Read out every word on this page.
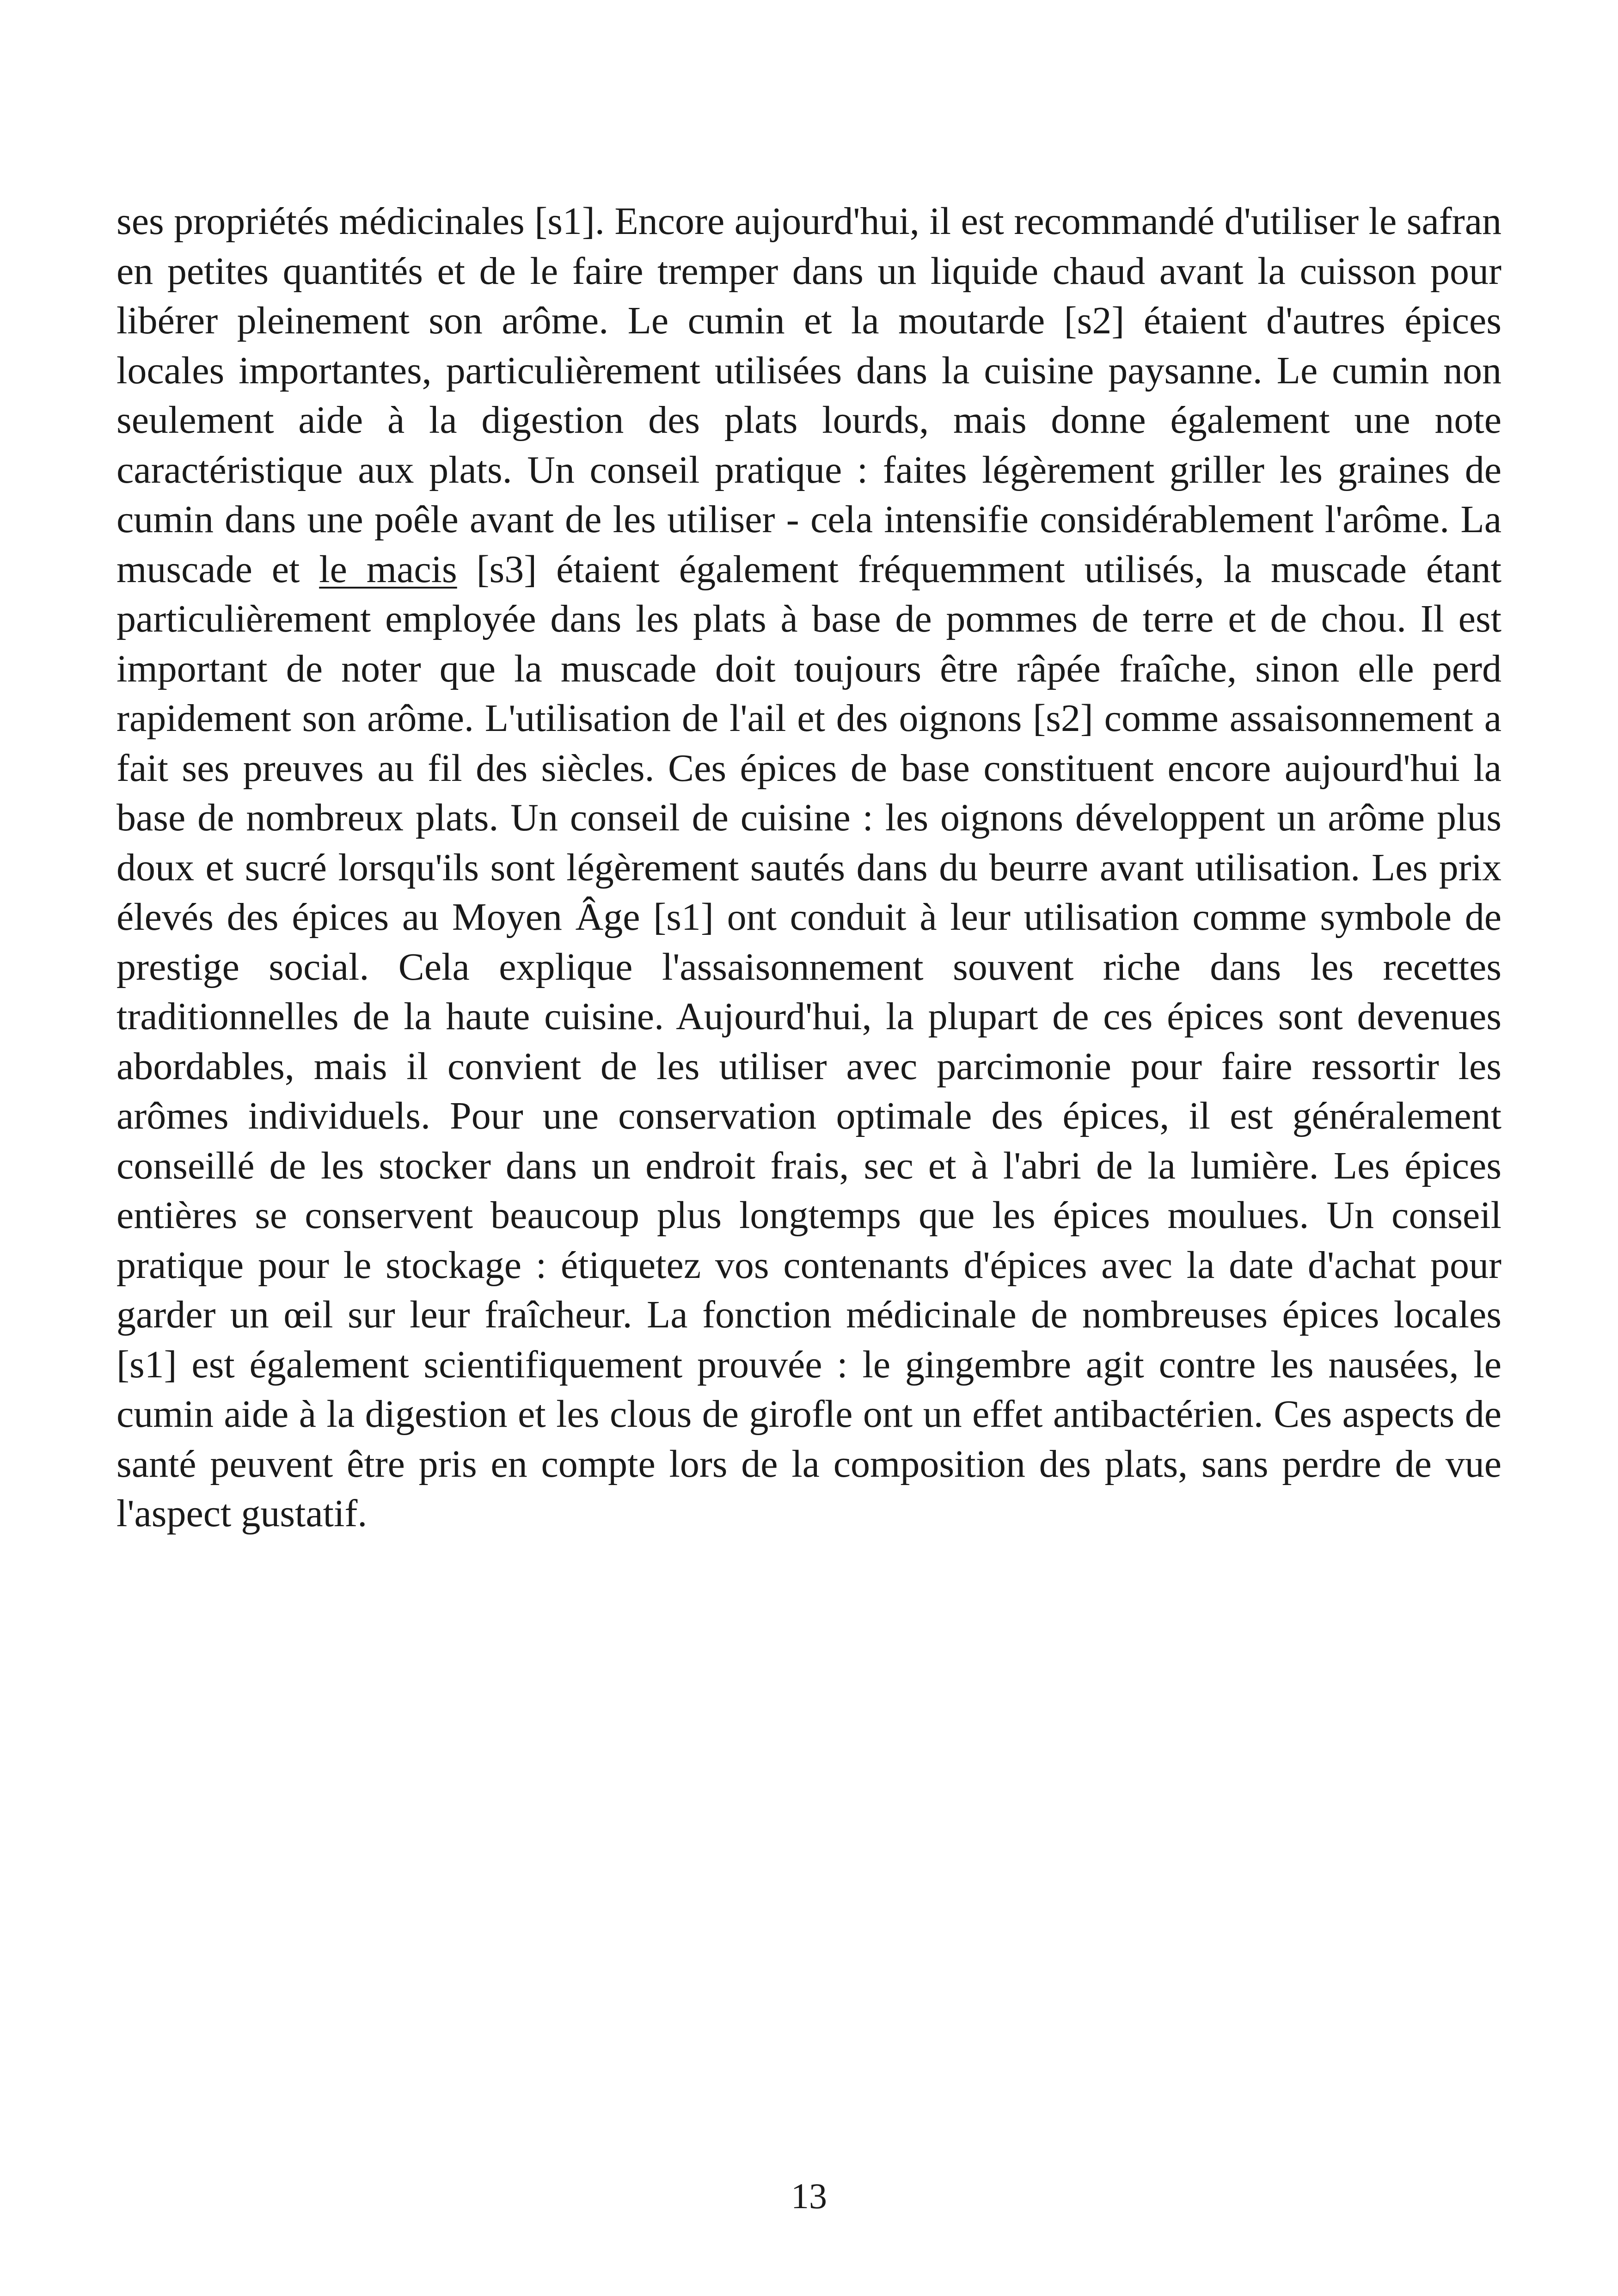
ses propriétés médicinales [s1]. Encore aujourd'hui, il est recommandé d'utiliser le safran en petites quantités et de le faire tremper dans un liquide chaud avant la cuisson pour libérer pleinement son arôme. Le cumin et la moutarde [s2] étaient d'autres épices locales importantes, particulièrement utilisées dans la cuisine paysanne. Le cumin non seulement aide à la digestion des plats lourds, mais donne également une note caractéristique aux plats. Un conseil pratique : faites légèrement griller les graines de cumin dans une poêle avant de les utiliser - cela intensifie considérablement l'arôme. La muscade et le macis [s3] étaient également fréquemment utilisés, la muscade étant particulièrement employée dans les plats à base de pommes de terre et de chou. Il est important de noter que la muscade doit toujours être râpée fraîche, sinon elle perd rapidement son arôme. L'utilisation de l'ail et des oignons [s2] comme assaisonnement a fait ses preuves au fil des siècles. Ces épices de base constituent encore aujourd'hui la base de nombreux plats. Un conseil de cuisine : les oignons développent un arôme plus doux et sucré lorsqu'ils sont légèrement sautés dans du beurre avant utilisation. Les prix élevés des épices au Moyen Âge [s1] ont conduit à leur utilisation comme symbole de prestige social. Cela explique l'assaisonnement souvent riche dans les recettes traditionnelles de la haute cuisine. Aujourd'hui, la plupart de ces épices sont devenues abordables, mais il convient de les utiliser avec parcimonie pour faire ressortir les arômes individuels. Pour une conservation optimale des épices, il est généralement conseillé de les stocker dans un endroit frais, sec et à l'abri de la lumière. Les épices entières se conservent beaucoup plus longtemps que les épices moulues. Un conseil pratique pour le stockage : étiquetez vos contenants d'épices avec la date d'achat pour garder un œil sur leur fraîcheur. La fonction médicinale de nombreuses épices locales [s1] est également scientifiquement prouvée : le gingembre agit contre les nausées, le cumin aide à la digestion et les clous de girofle ont un effet antibactérien. Ces aspects de santé peuvent être pris en compte lors de la composition des plats, sans perdre de vue l'aspect gustatif.

13
